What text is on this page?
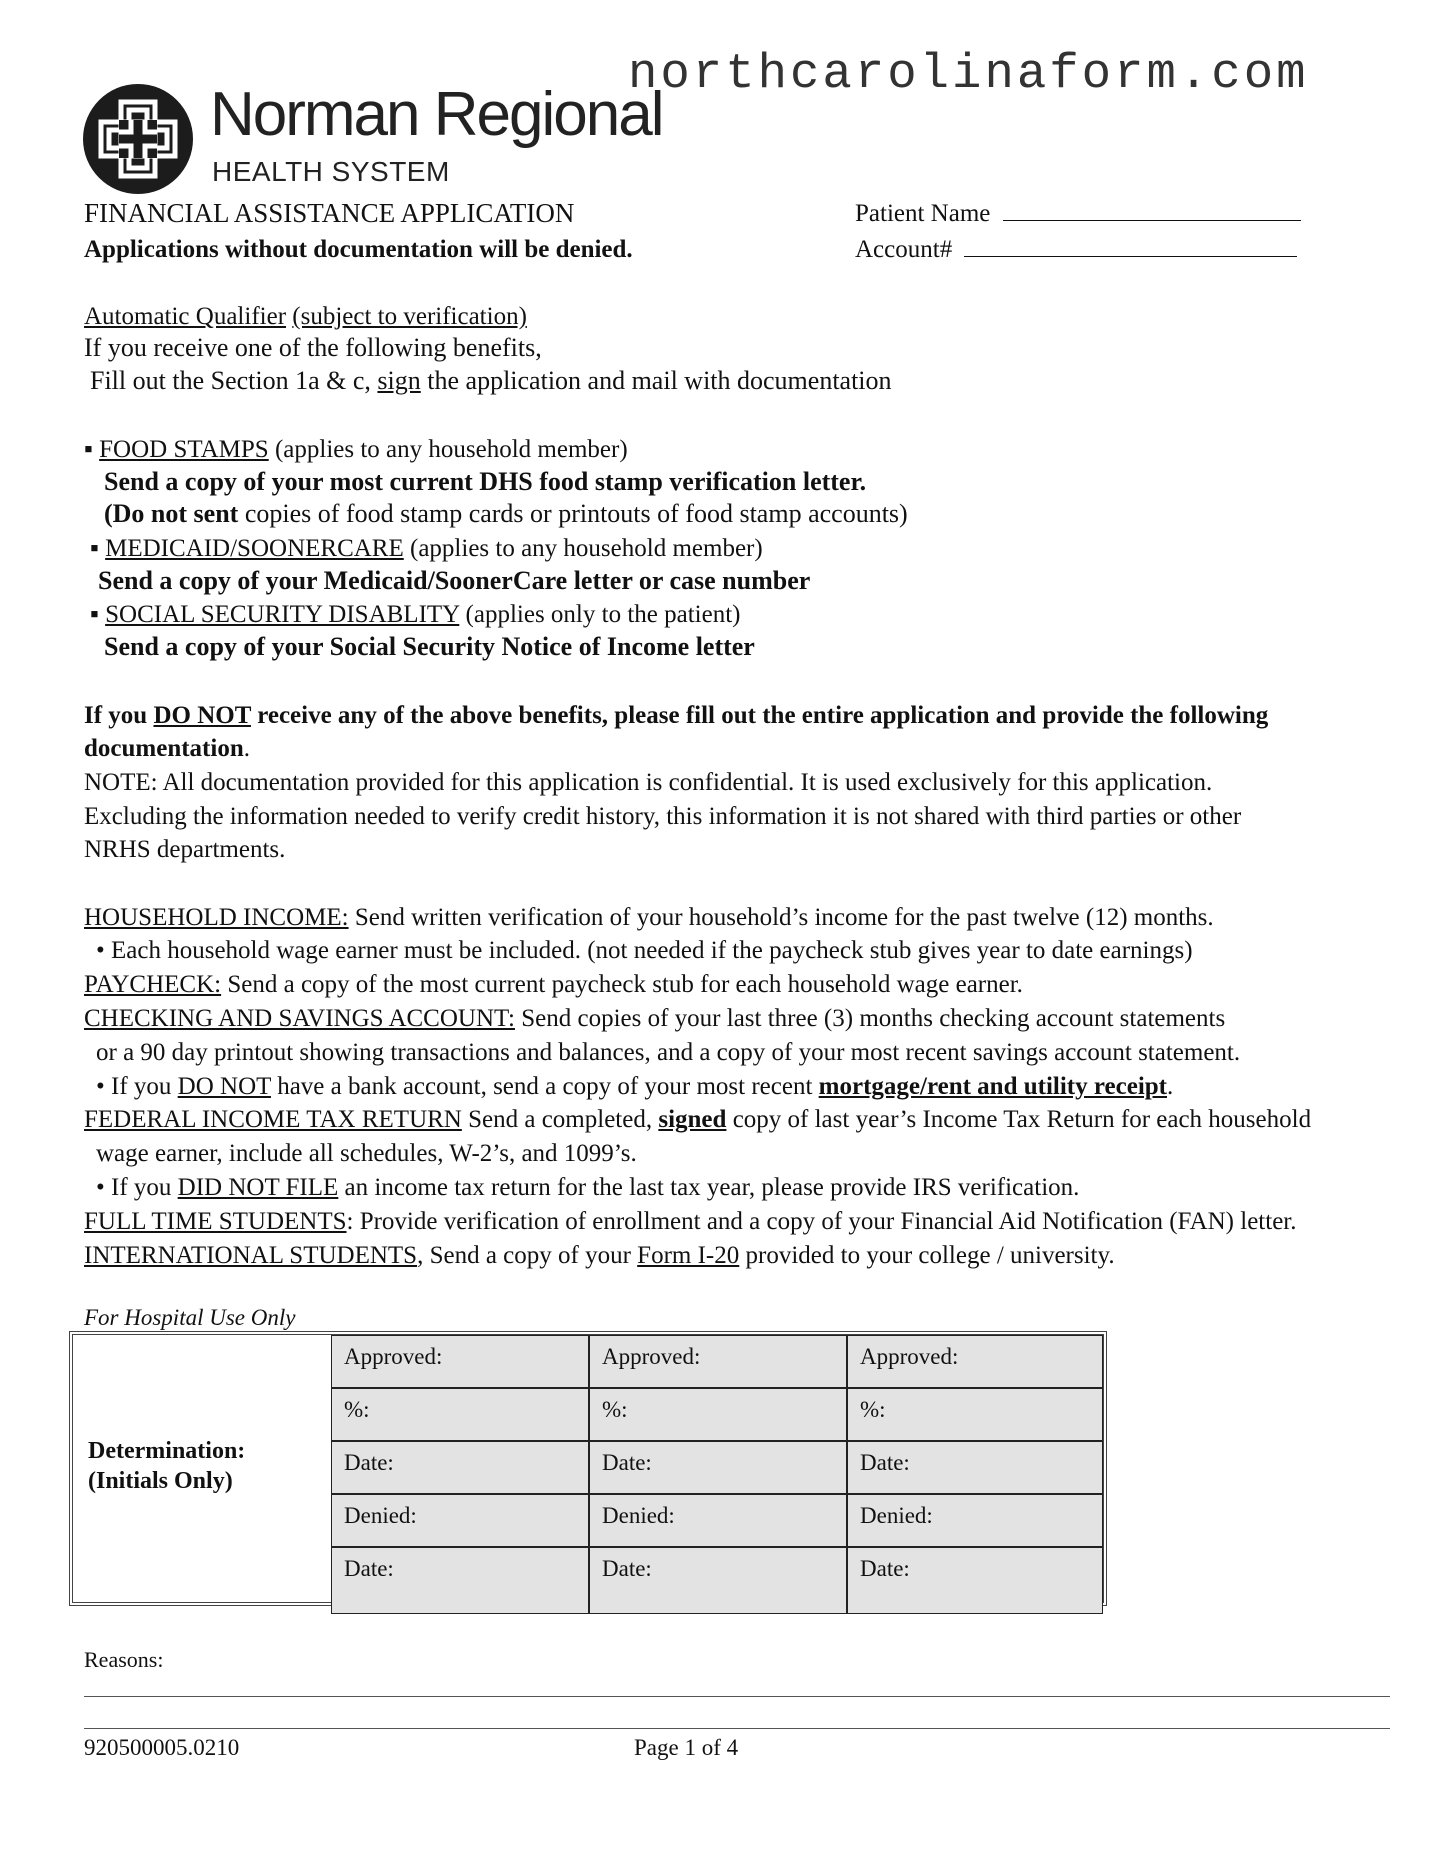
northcarolinaform.com
Norman Regional
HEALTH SYSTEM
FINANCIAL ASSISTANCE APPLICATION
Applications without documentation will be denied.
Patient Name
Account#
Automatic Qualifier (subject to verification)
If you receive one of the following benefits,
Fill out the Section 1a & c, sign the application and mail with documentation
▪ FOOD STAMPS (applies to any household member)
Send a copy of your most current DHS food stamp verification letter.
(Do not sent copies of food stamp cards or printouts of food stamp accounts)
▪ MEDICAID/SOONERCARE (applies to any household member)
Send a copy of your Medicaid/SoonerCare letter or case number
▪ SOCIAL SECURITY DISABLITY (applies only to the patient)
Send a copy of your Social Security Notice of Income letter
If you DO NOT receive any of the above benefits, please fill out the entire application and provide the following
documentation.
NOTE: All documentation provided for this application is confidential. It is used exclusively for this application.
Excluding the information needed to verify credit history, this information it is not shared with third parties or other
NRHS departments.
HOUSEHOLD INCOME: Send written verification of your household’s income for the past twelve (12) months.
• Each household wage earner must be included. (not needed if the paycheck stub gives year to date earnings)
PAYCHECK: Send a copy of the most current paycheck stub for each household wage earner.
CHECKING AND SAVINGS ACCOUNT: Send copies of your last three (3) months checking account statements
or a 90 day printout showing transactions and balances, and a copy of your most recent savings account statement.
• If you DO NOT have a bank account, send a copy of your most recent mortgage/rent and utility receipt.
FEDERAL INCOME TAX RETURN Send a completed, signed copy of last year’s Income Tax Return for each household
wage earner, include all schedules, W-2’s, and 1099’s.
• If you DID NOT FILE an income tax return for the last tax year, please provide IRS verification.
FULL TIME STUDENTS: Provide verification of enrollment and a copy of your Financial Aid Notification (FAN) letter.
INTERNATIONAL STUDENTS, Send a copy of your Form I-20 provided to your college / university.
For Hospital Use Only
Determination:
(Initials Only)
Approved:
%:
Date:
Denied:
Date:
Approved:
%:
Date:
Denied:
Date:
Approved:
%:
Date:
Denied:
Date:
Reasons:
920500005.0210	Page 1 of 4
